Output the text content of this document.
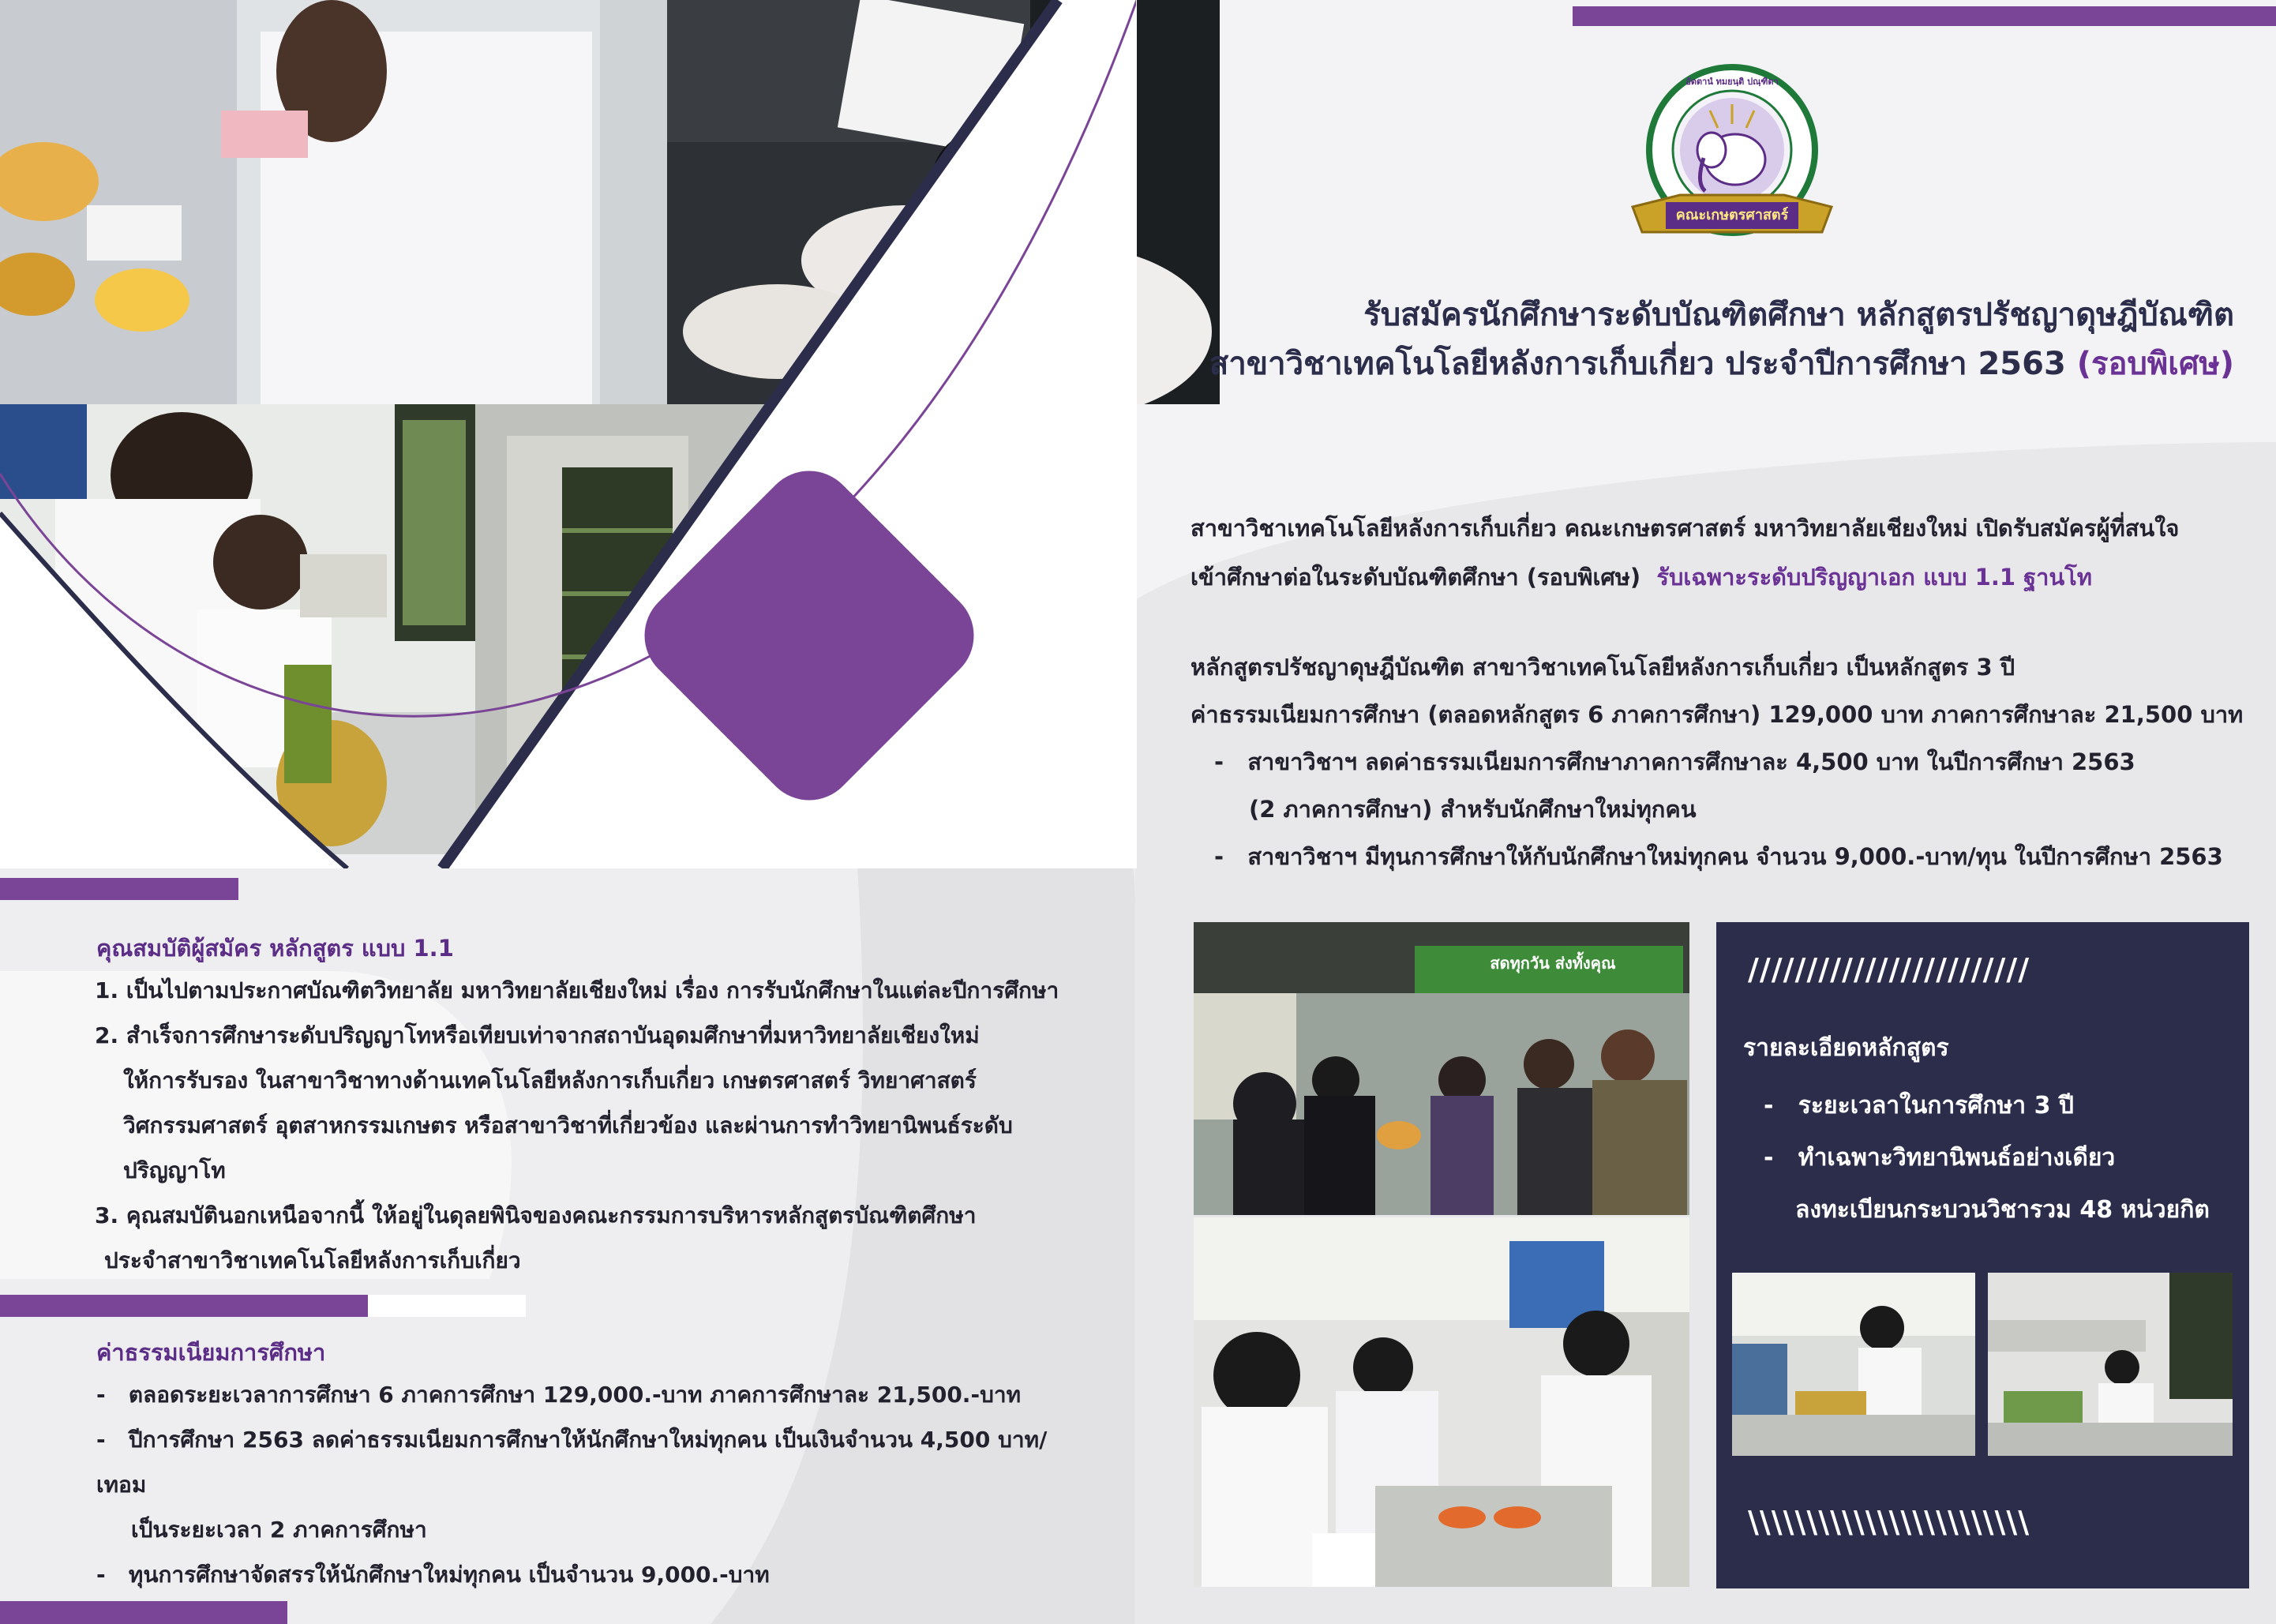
คณะเกษตรศาสตร์
อัตตานํ ทมยนฺติ ปณฺฑิตา
รับสมัครนักศึกษาระดับบัณฑิตศึกษา หลักสูตรปรัชญาดุษฎีบัณฑิต
สาขาวิชาเทคโนโลยีหลังการเก็บเกี่ยว ประจำปีการศึกษา 2563 (รอบพิเศษ)
สาขาวิชาเทคโนโลยีหลังการเก็บเกี่ยว คณะเกษตรศาสตร์ มหาวิทยาลัยเชียงใหม่ เปิดรับสมัครผู้ที่สนใจ
เข้าศึกษาต่อในระดับบัณฑิตศึกษา (รอบพิเศษ) รับเฉพาะระดับปริญญาเอก แบบ 1.1 ฐานโท
หลักสูตรปรัชญาดุษฎีบัณฑิต สาขาวิชาเทคโนโลยีหลังการเก็บเกี่ยว เป็นหลักสูตร 3 ปี
ค่าธรรมเนียมการศึกษา (ตลอดหลักสูตร 6 ภาคการศึกษา) 129,000 บาท ภาคการศึกษาละ 21,500 บาท
-   สาขาวิชาฯ ลดค่าธรรมเนียมการศึกษาภาคการศึกษาละ 4,500 บาท ในปีการศึกษา 2563
(2 ภาคการศึกษา) สำหรับนักศึกษาใหม่ทุกคน
-   สาขาวิชาฯ มีทุนการศึกษาให้กับนักศึกษาใหม่ทุกคน จำนวน 9,000.-บาท/ทุน ในปีการศึกษา 2563
สดทุกวัน ส่งทั้งคุณ	////////////////////////
รายละเอียดหลักสูตร
- ระยะเวลาในการศึกษา 3 ปี
- ทำเฉพาะวิทยานิพนธ์อย่างเดียว
ลงทะเบียนกระบวนวิชารวม 48 หน่วยกิต
\\\\\\\\\\\\\\\\\\\\\\\\
คุณสมบัติผู้สมัคร หลักสูตร แบบ 1.1
1. เป็นไปตามประกาศบัณฑิตวิทยาลัย มหาวิทยาลัยเชียงใหม่ เรื่อง การรับนักศึกษาในแต่ละปีการศึกษา
2. สำเร็จการศึกษาระดับปริญญาโทหรือเทียบเท่าจากสถาบันอุดมศึกษาที่มหาวิทยาลัยเชียงใหม่
ให้การรับรอง ในสาขาวิชาทางด้านเทคโนโลยีหลังการเก็บเกี่ยว เกษตรศาสตร์ วิทยาศาสตร์
วิศกรรมศาสตร์ อุตสาหกรรมเกษตร หรือสาขาวิชาที่เกี่ยวข้อง และผ่านการทำวิทยานิพนธ์ระดับ
ปริญญาโท
3. คุณสมบัตินอกเหนือจากนี้ ให้อยู่ในดุลยพินิจของคณะกรรมการบริหารหลักสูตรบัณฑิตศึกษา
ประจำสาขาวิชาเทคโนโลยีหลังการเก็บเกี่ยว
ค่าธรรมเนียมการศึกษา
- ตลอดระยะเวลาการศึกษา 6 ภาคการศึกษา 129,000.-บาท ภาคการศึกษาละ 21,500.-บาท
- ปีการศึกษา 2563 ลดค่าธรรมเนียมการศึกษาให้นักศึกษาใหม่ทุกคน เป็นเงินจำนวน 4,500 บาท/เทอม
เป็นระยะเวลา 2 ภาคการศึกษา
- ทุนการศึกษาจัดสรรให้นักศึกษาใหม่ทุกคน เป็นจำนวน 9,000.-บาท
